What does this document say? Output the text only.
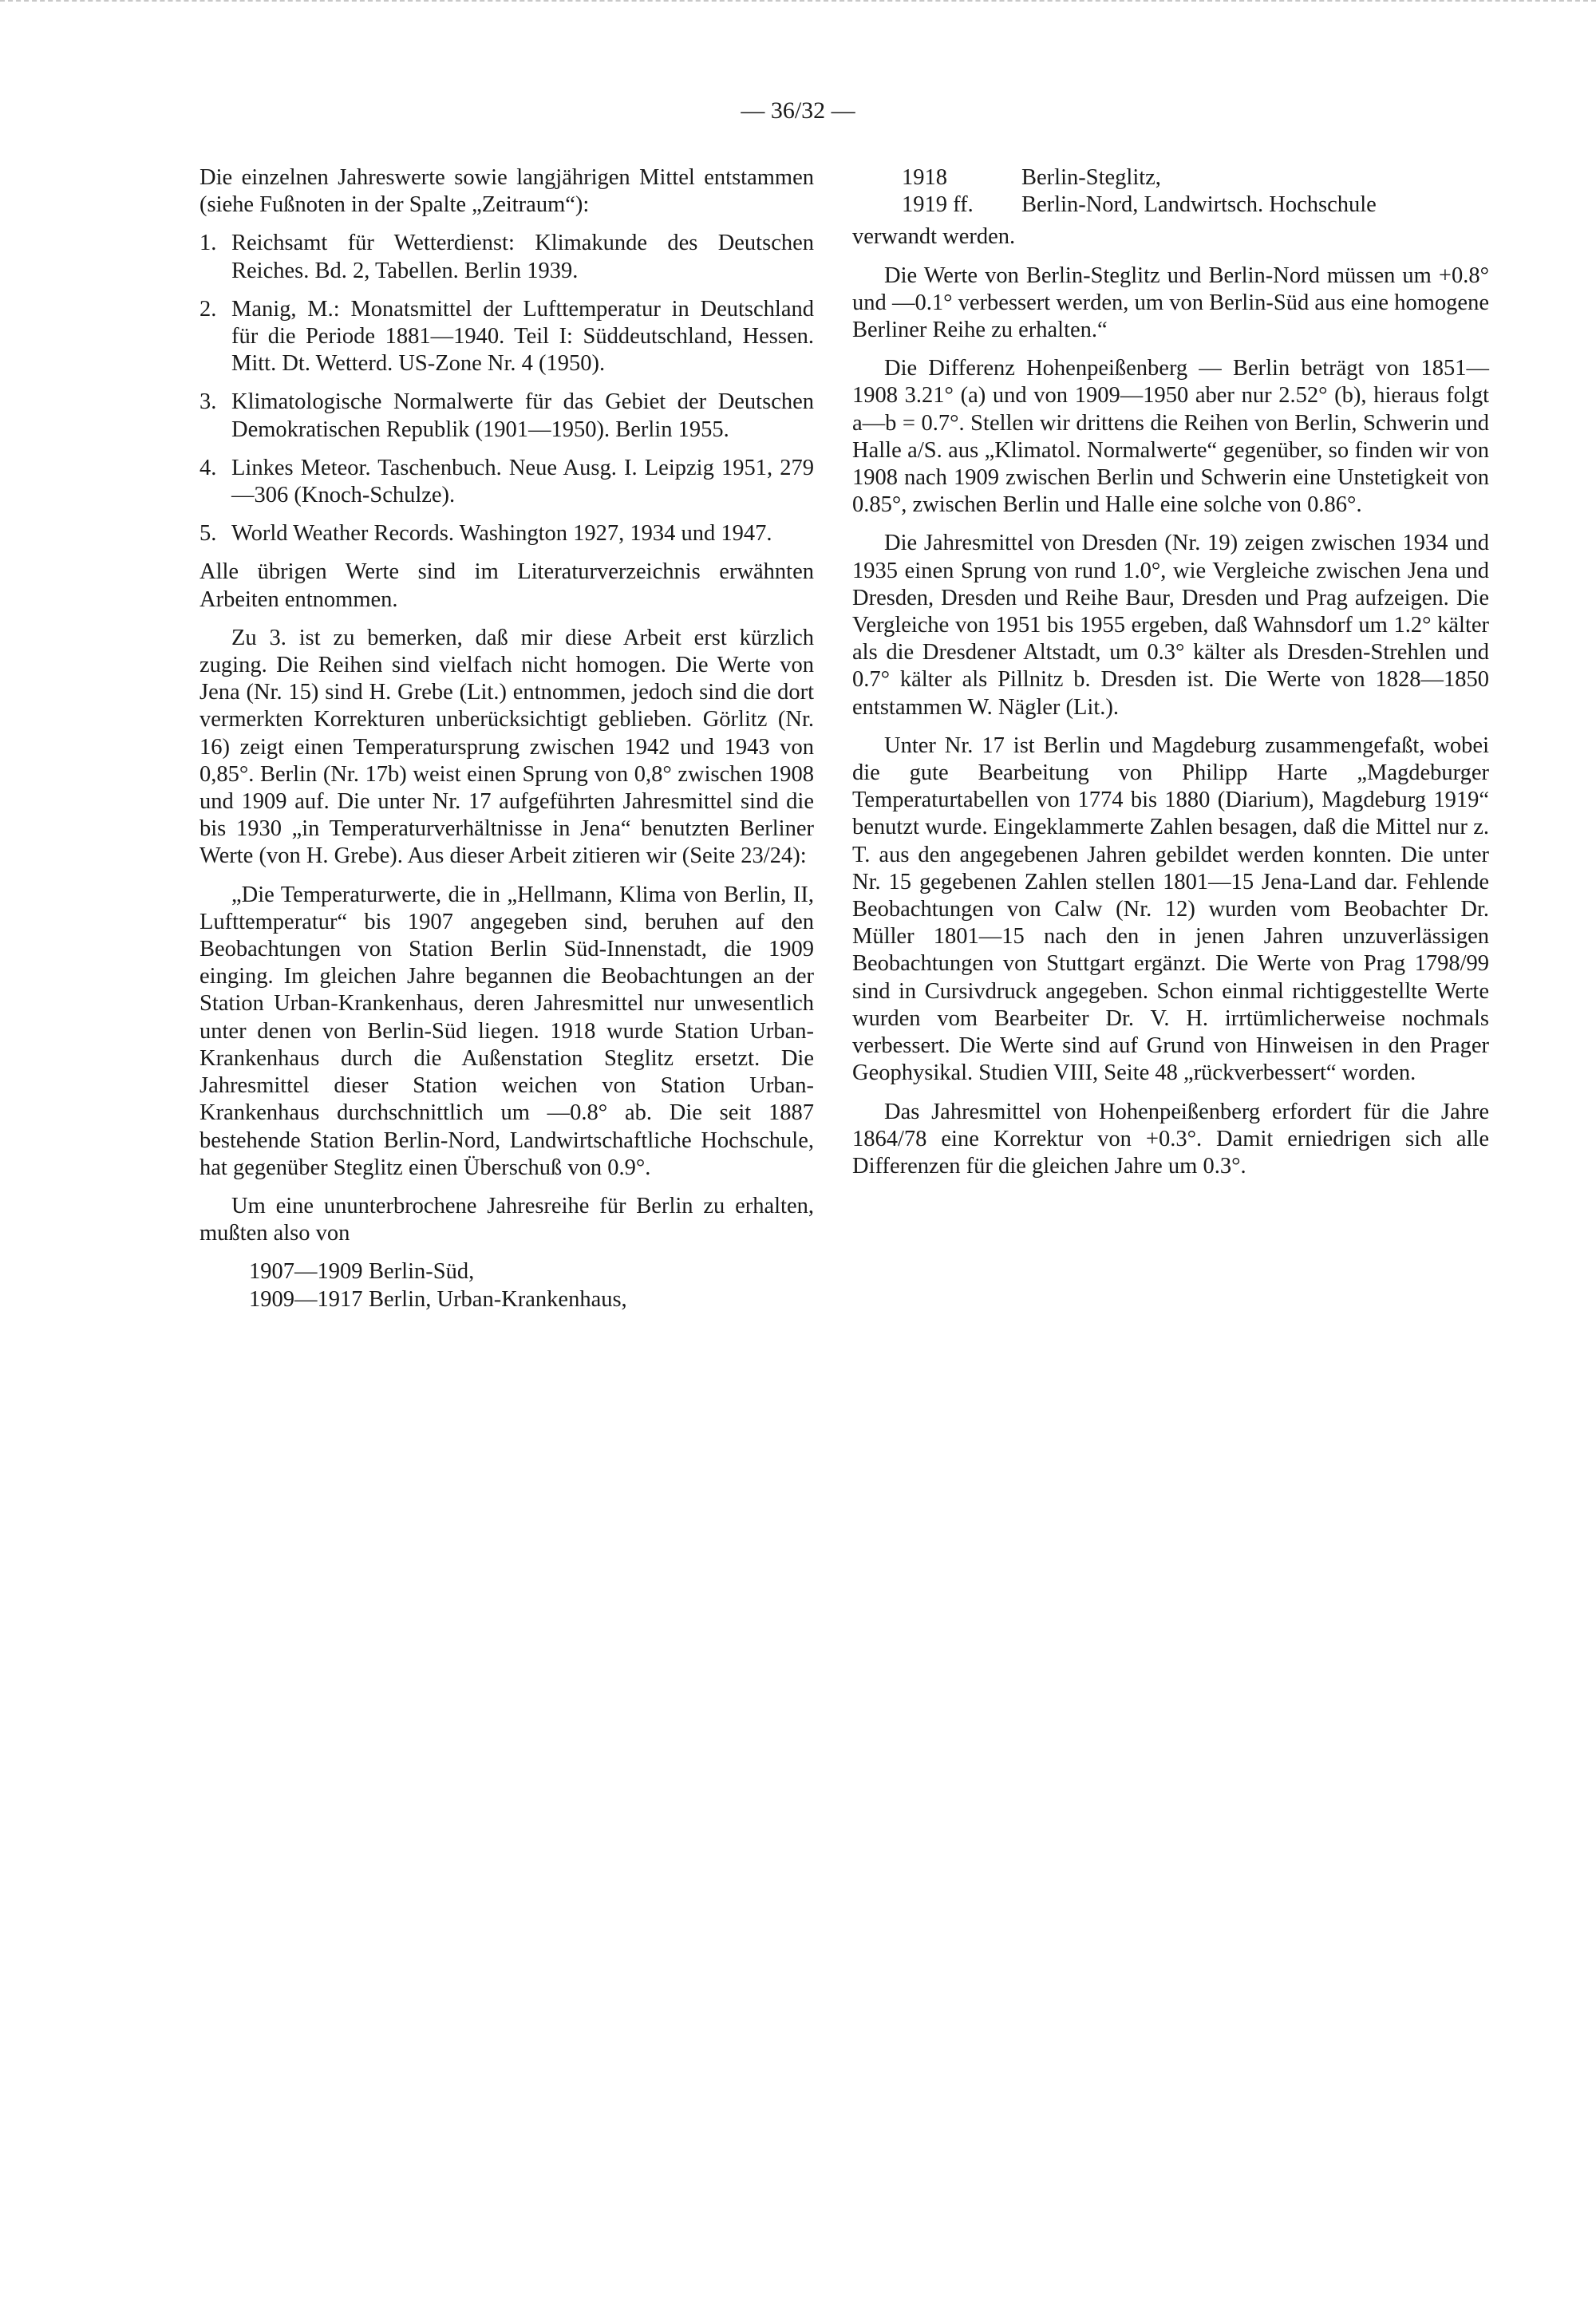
— 36/32 —

Die einzelnen Jahreswerte sowie langjährigen Mittel entstammen (siehe Fußnoten in der Spalte „Zeitraum“):

1. Reichsamt für Wetterdienst: Klimakunde des Deutschen Reiches. Bd. 2, Tabellen. Berlin 1939.
2. Manig, M.: Monatsmittel der Lufttemperatur in Deutschland für die Periode 1881—1940. Teil I: Süddeutschland, Hessen. Mitt. Dt. Wetterd. US-Zone Nr. 4 (1950).
3. Klimatologische Normalwerte für das Gebiet der Deutschen Demokratischen Republik (1901—1950). Berlin 1955.
4. Linkes Meteor. Taschenbuch. Neue Ausg. I. Leipzig 1951, 279—306 (Knoch-Schulze).
5. World Weather Records. Washington 1927, 1934 und 1947.

Alle übrigen Werte sind im Literaturverzeichnis erwähnten Arbeiten entnommen.

Zu 3. ist zu bemerken, daß mir diese Arbeit erst kürzlich zuging. Die Reihen sind vielfach nicht homogen. Die Werte von Jena (Nr. 15) sind H. Grebe (Lit.) entnommen, jedoch sind die dort vermerkten Korrekturen unberücksichtigt geblieben. Görlitz (Nr. 16) zeigt einen Temperatursprung zwischen 1942 und 1943 von 0,85°. Berlin (Nr. 17b) weist einen Sprung von 0,8° zwischen 1908 und 1909 auf. Die unter Nr. 17 aufgeführten Jahresmittel sind die bis 1930 „in Temperaturverhältnisse in Jena“ benutzten Berliner Werte (von H. Grebe). Aus dieser Arbeit zitieren wir (Seite 23/24):

„Die Temperaturwerte, die in „Hellmann, Klima von Berlin, II, Lufttemperatur“ bis 1907 angegeben sind, beruhen auf den Beobachtungen von Station Berlin Süd-Innenstadt, die 1909 einging. Im gleichen Jahre begannen die Beobachtungen an der Station Urban-Krankenhaus, deren Jahresmittel nur unwesentlich unter denen von Berlin-Süd liegen. 1918 wurde Station Urban-Krankenhaus durch die Außenstation Steglitz ersetzt. Die Jahresmittel dieser Station weichen von Station Urban-Krankenhaus durchschnittlich um —0.8° ab. Die seit 1887 bestehende Station Berlin-Nord, Landwirtschaftliche Hochschule, hat gegenüber Steglitz einen Überschuß von 0.9°.

Um eine ununterbrochene Jahresreihe für Berlin zu erhalten, mußten also von

1907—1909 Berlin-Süd,
1909—1917 Berlin, Urban-Krankenhaus,
1918	Berlin-Steglitz,
1919 ff.	Berlin-Nord, Landwirtsch. Hochschule

verwandt werden.

Die Werte von Berlin-Steglitz und Berlin-Nord müssen um +0.8° und —0.1° verbessert werden, um von Berlin-Süd aus eine homogene Berliner Reihe zu erhalten.“

Die Differenz Hohenpeißenberg — Berlin beträgt von 1851—1908 3.21° (a) und von 1909—1950 aber nur 2.52° (b), hieraus folgt a—b = 0.7°. Stellen wir drittens die Reihen von Berlin, Schwerin und Halle a/S. aus „Klimatol. Normalwerte“ gegenüber, so finden wir von 1908 nach 1909 zwischen Berlin und Schwerin eine Unstetigkeit von 0.85°, zwischen Berlin und Halle eine solche von 0.86°.

Die Jahresmittel von Dresden (Nr. 19) zeigen zwischen 1934 und 1935 einen Sprung von rund 1.0°, wie Vergleiche zwischen Jena und Dresden, Dresden und Reihe Baur, Dresden und Prag aufzeigen. Die Vergleiche von 1951 bis 1955 ergeben, daß Wahnsdorf um 1.2° kälter als die Dresdener Altstadt, um 0.3° kälter als Dresden-Strehlen und 0.7° kälter als Pillnitz b. Dresden ist. Die Werte von 1828—1850 entstammen W. Nägler (Lit.).

Unter Nr. 17 ist Berlin und Magdeburg zusammengefaßt, wobei die gute Bearbeitung von Philipp Harte „Magdeburger Temperaturtabellen von 1774 bis 1880 (Diarium), Magdeburg 1919“ benutzt wurde. Eingeklammerte Zahlen besagen, daß die Mittel nur z. T. aus den angegebenen Jahren gebildet werden konnten. Die unter Nr. 15 gegebenen Zahlen stellen 1801—15 Jena-Land dar. Fehlende Beobachtungen von Calw (Nr. 12) wurden vom Beobachter Dr. Müller 1801—15 nach den in jenen Jahren unzuverlässigen Beobachtungen von Stuttgart ergänzt. Die Werte von Prag 1798/99 sind in Cursivdruck angegeben. Schon einmal richtiggestellte Werte wurden vom Bearbeiter Dr. V. H. irrtümlicherweise nochmals verbessert. Die Werte sind auf Grund von Hinweisen in den Prager Geophysikal. Studien VIII, Seite 48 „rückverbessert“ worden.

Das Jahresmittel von Hohenpeißenberg erfordert für die Jahre 1864/78 eine Korrektur von +0.3°. Damit erniedrigen sich alle Differenzen für die gleichen Jahre um 0.3°.
